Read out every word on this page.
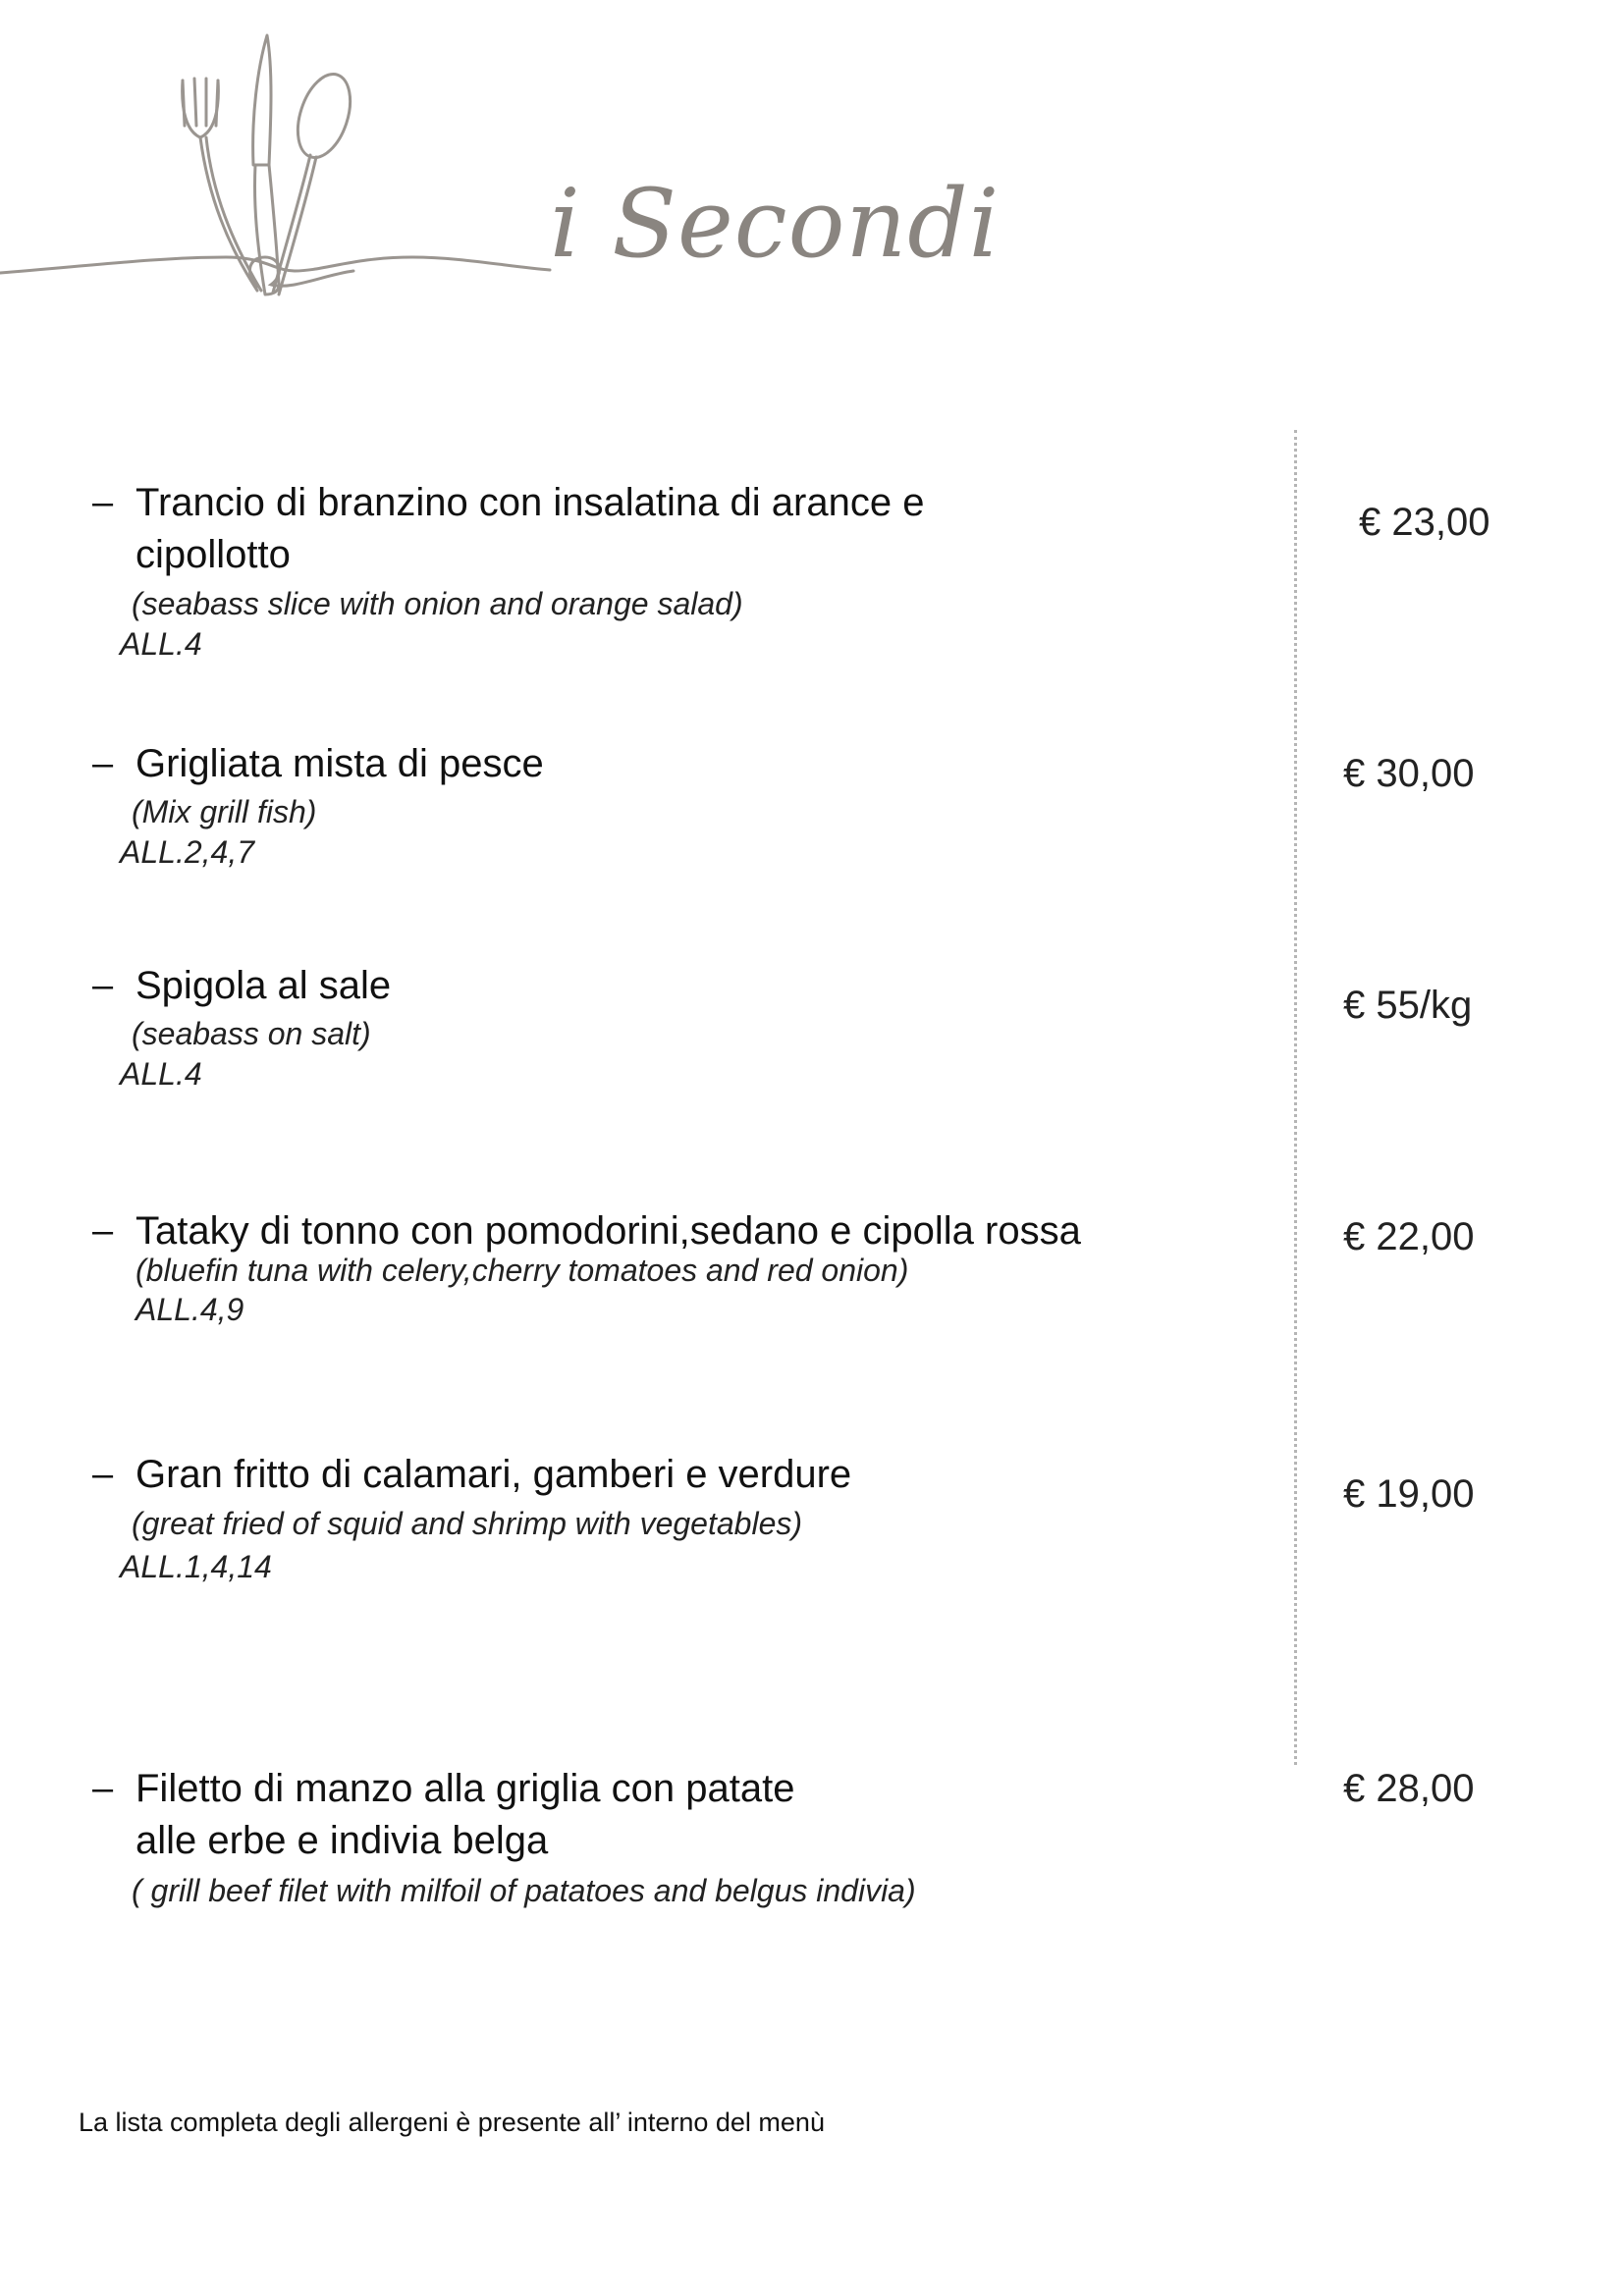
i Secondi
– Trancio di branzino con insalatina di arance e
cipollotto
(seabass slice with onion and orange salad)
ALL.4
€ 23,00
– Grigliata mista di pesce
(Mix grill fish)
ALL.2,4,7
€ 30,00
– Spigola al sale
(seabass on salt)
ALL.4
€ 55/kg
– Tataky di tonno con pomodorini,sedano e cipolla rossa
(bluefin tuna with celery,cherry tomatoes and red onion)
ALL.4,9
€ 22,00
– Gran fritto di calamari, gamberi e verdure
(great fried of squid and shrimp with vegetables)
ALL.1,4,14
€ 19,00
– Filetto di manzo alla griglia con patate
alle erbe e indivia belga
( grill beef filet with milfoil of patatoes and belgus indivia)
€ 28,00
La lista completa degli allergeni è presente all’ interno del menù
